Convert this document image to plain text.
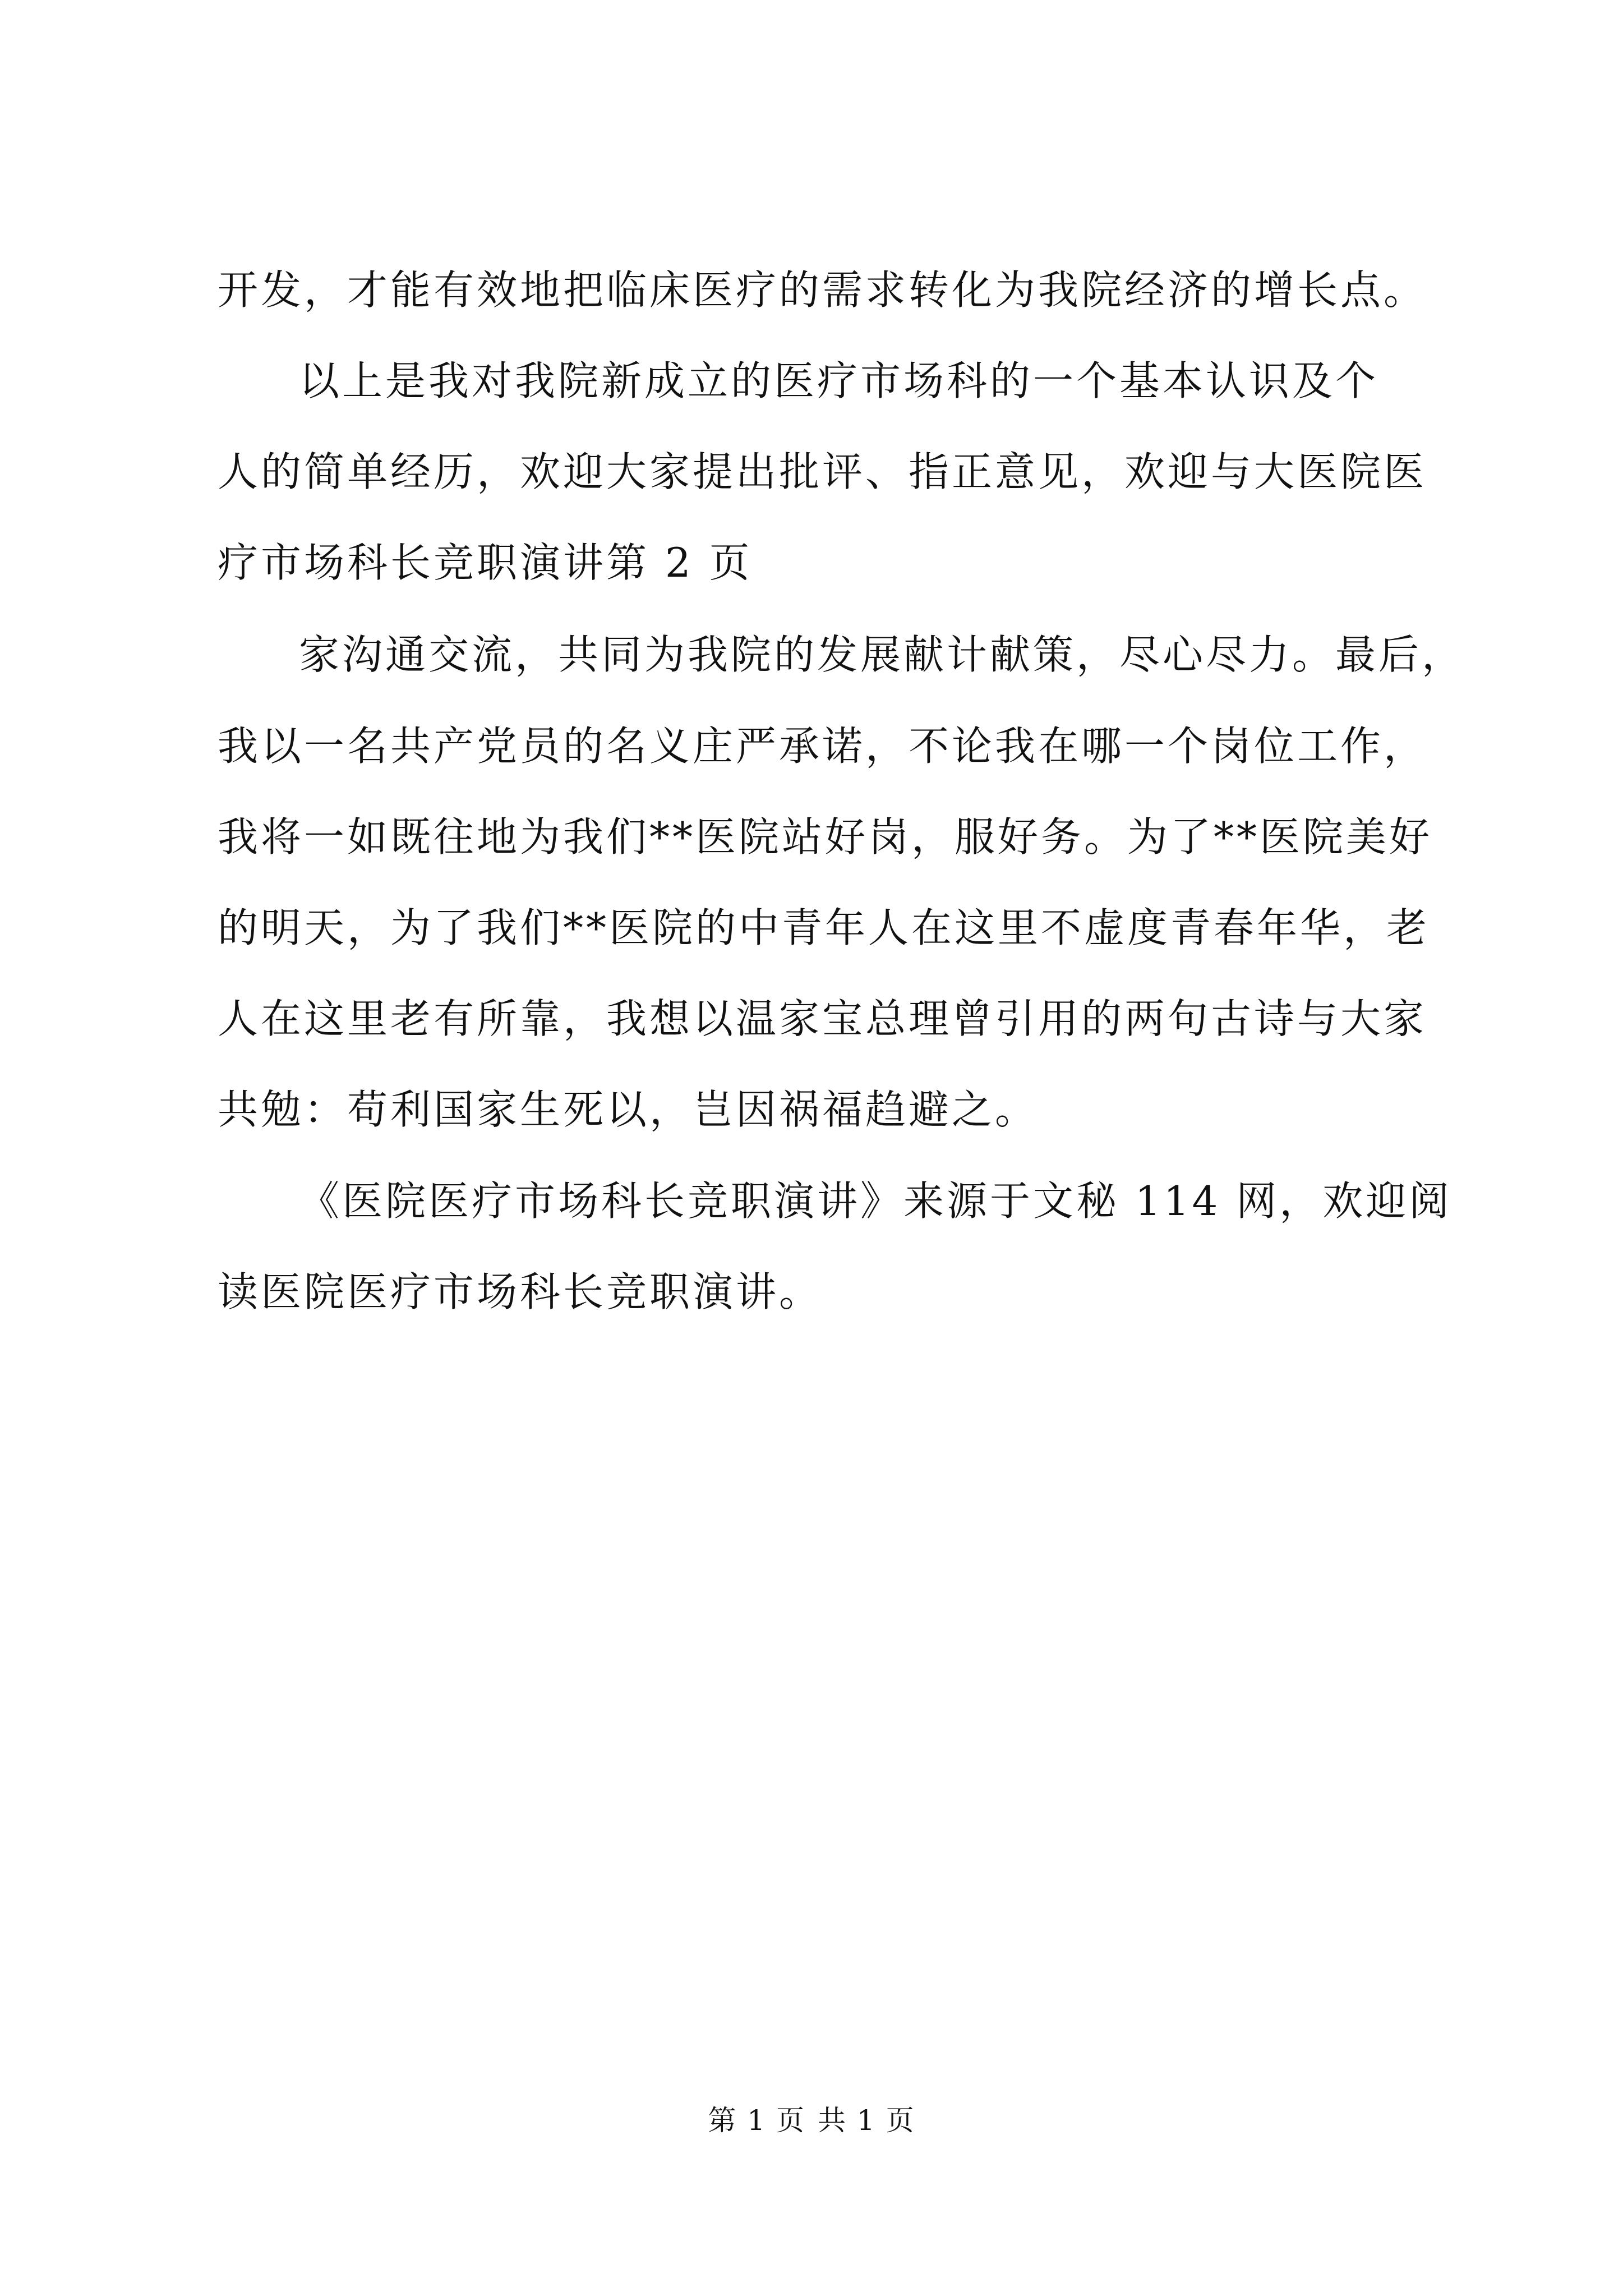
开发，才能有效地把临床医疗的需求转化为我院经济的增长点。
以上是我对我院新成立的医疗市场科的一个基本认识及个
人的简单经历，欢迎大家提出批评、指正意见，欢迎与大医院医
疗市场科长竞职演讲第 2 页
家沟通交流，共同为我院的发展献计献策，尽心尽力。最后，
我以一名共产党员的名义庄严承诺，不论我在哪一个岗位工作，
我将一如既往地为我们**医院站好岗，服好务。为了**医院美好
的明天，为了我们**医院的中青年人在这里不虚度青春年华，老
人在这里老有所靠，我想以温家宝总理曾引用的两句古诗与大家
共勉：苟利国家生死以，岂因祸福趋避之。
《医院医疗市场科长竞职演讲》来源于文秘 114 网，欢迎阅
读医院医疗市场科长竞职演讲。
第 1 页 共 1 页
